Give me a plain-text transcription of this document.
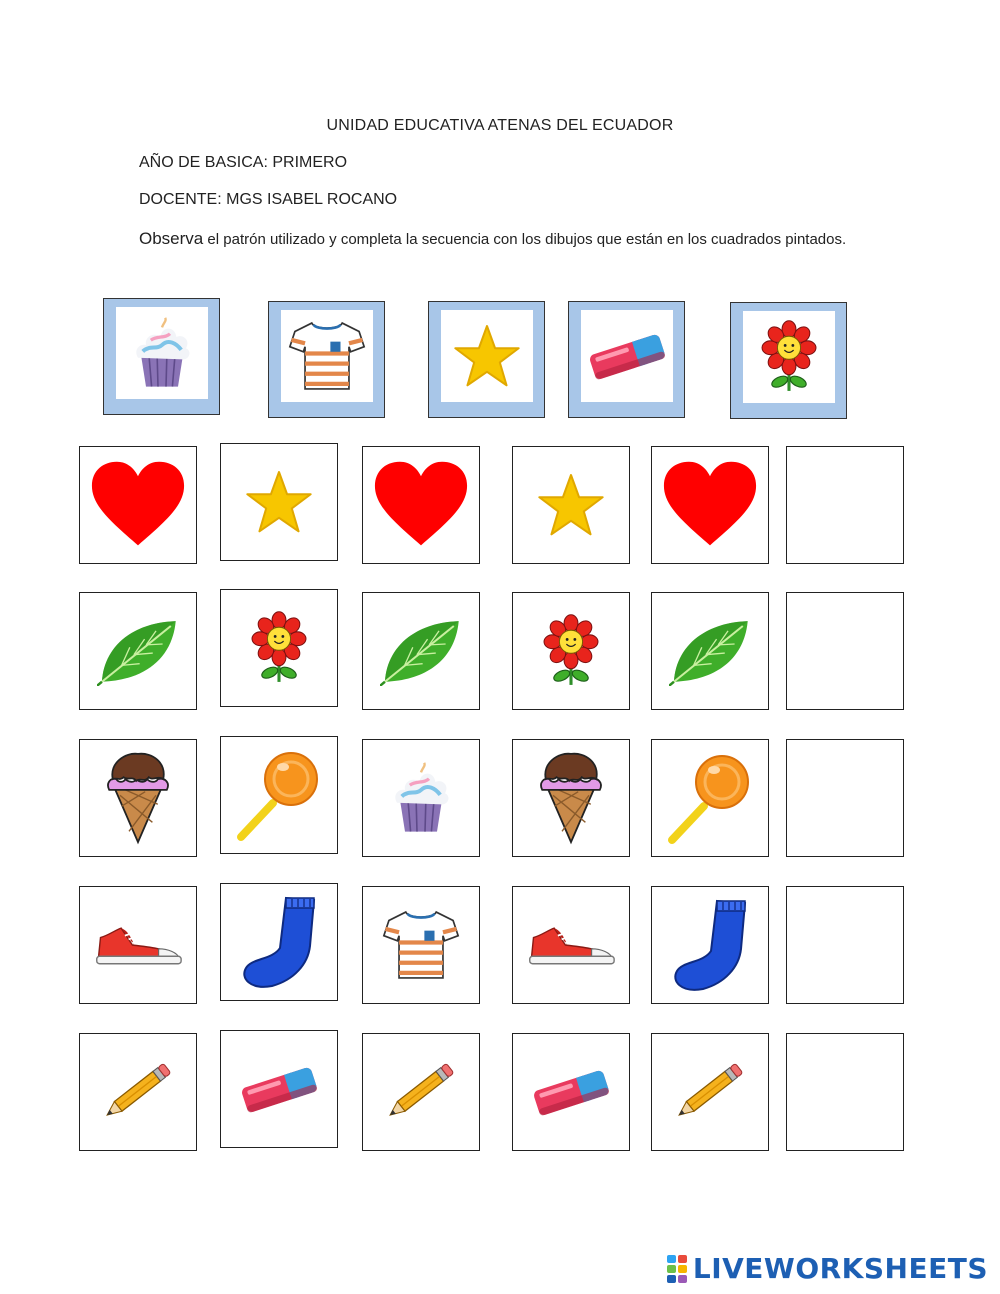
UNIDAD EDUCATIVA ATENAS DEL ECUADOR
AÑO DE BASICA: PRIMERO
DOCENTE: MGS ISABEL ROCANO
Observa el patrón utilizado y completa la secuencia con los dibujos que están en los cuadrados pintados.
LIVEWORKSHEETS
